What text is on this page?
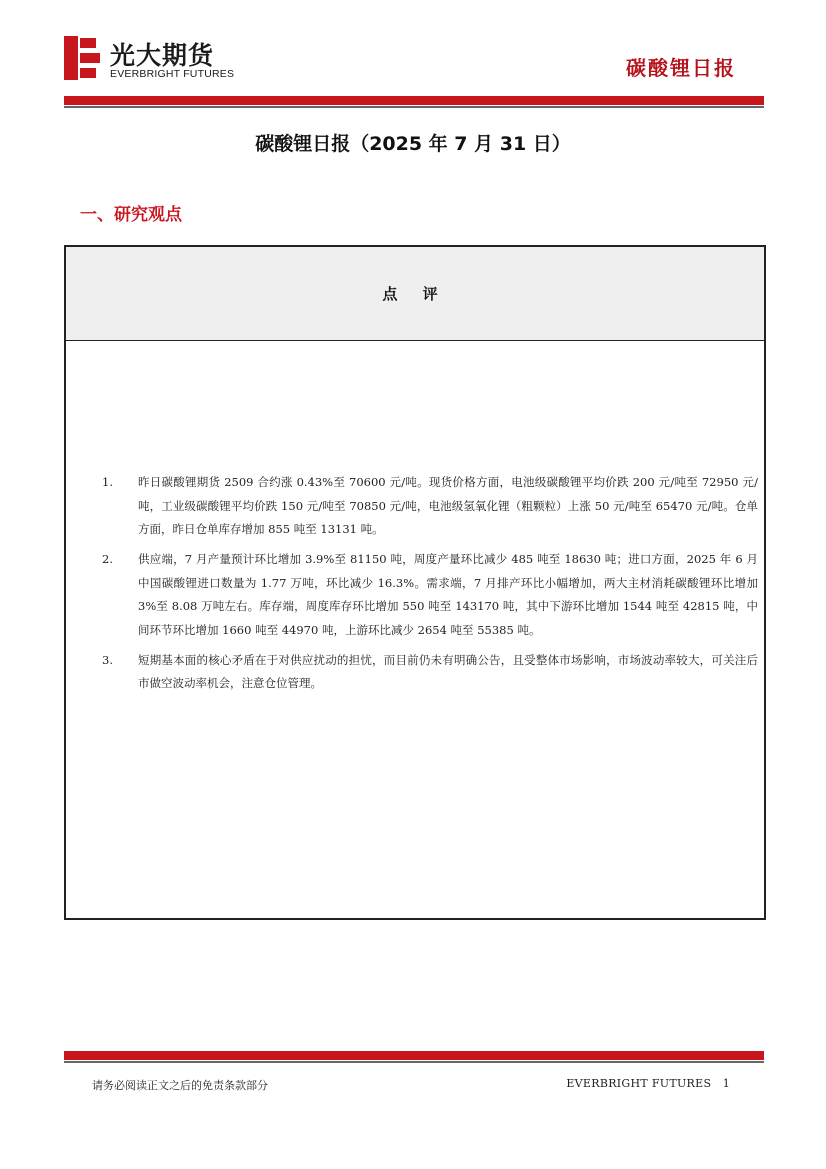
光大期货
EVERBRIGHT FUTURES	碳酸锂日报
碳酸锂日报（2025 年 7 月 31 日）
一、研究观点
点 评
1. 昨日碳酸锂期货 2509 合约涨 0.43%至 70600 元/吨。现货价格方面，电池级碳酸锂平均价跌 200 元/吨至 72950 元/吨，工业级碳酸锂平均价跌 150 元/吨至 70850 元/吨，电池级氢氧化锂（粗颗粒）上涨 50 元/吨至 65470 元/吨。仓单方面，昨日仓单库存增加 855 吨至 13131 吨。
2. 供应端，7 月产量预计环比增加 3.9%至 81150 吨，周度产量环比减少 485 吨至 18630 吨；进口方面，2025 年 6 月中国碳酸锂进口数量为 1.77 万吨，环比减少 16.3%。需求端，7 月排产环比小幅增加，两大主材消耗碳酸锂环比增加 3%至 8.08 万吨左右。库存端，周度库存环比增加 550 吨至 143170 吨，其中下游环比增加 1544 吨至 42815 吨，中间环节环比增加 1660 吨至 44970 吨，上游环比减少 2654 吨至 55385 吨。
3. 短期基本面的核心矛盾在于对供应扰动的担忧，而目前仍未有明确公告，且受整体市场影响，市场波动率较大，可关注后市做空波动率机会，注意仓位管理。
请务必阅读正文之后的免责条款部分	EVERBRIGHT FUTURES 1
